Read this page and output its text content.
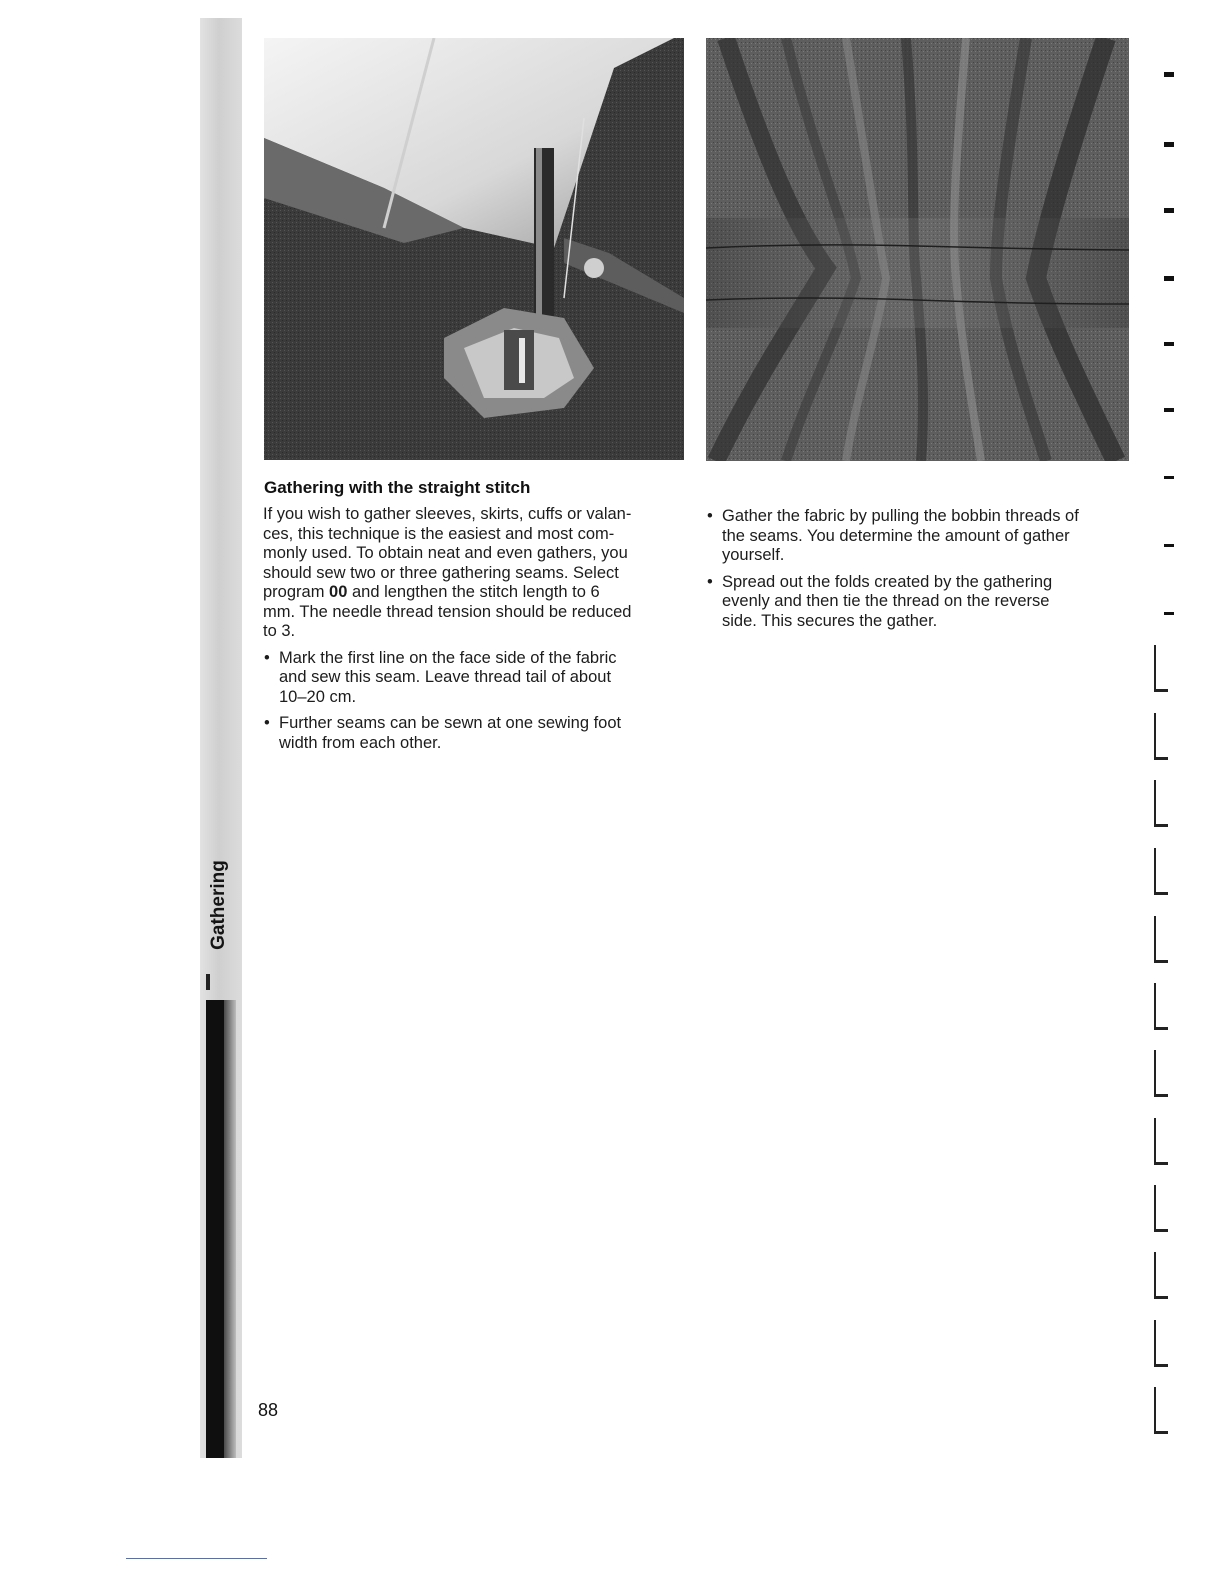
Gathering
Gathering with the straight stitch

If you wish to gather sleeves, skirts, cuffs or valan-
ces, this technique is the easiest and most com-
monly used. To obtain neat and even gathers, you
should sew two or three gathering seams. Select
program 00 and lengthen the stitch length to 6
mm. The needle thread tension should be reduced
to 3.

• Mark the first line on the face side of the fabric
and sew this seam. Leave thread tail of about
10–20 cm.
• Further seams can be sewn at one sewing foot
width from each other.
• Gather the fabric by pulling the bobbin threads of
the seams. You determine the amount of gather
yourself.
• Spread out the folds created by the gathering
evenly and then tie the thread on the reverse
side. This secures the gather.
88
